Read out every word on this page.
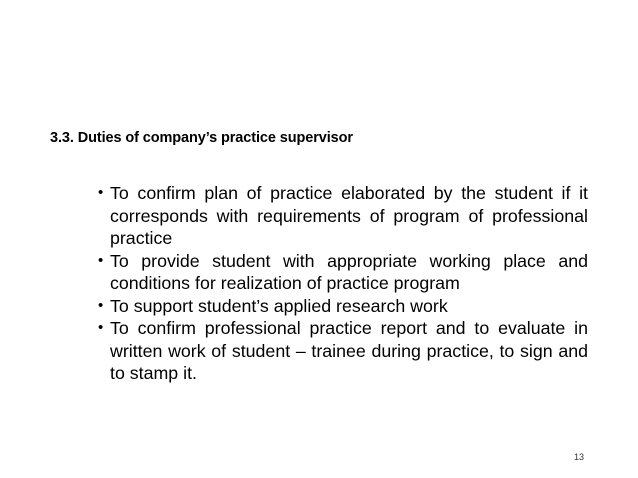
3.3. Duties of company’s practice supervisor
• To confirm plan of practice elaborated by the student if it corresponds with requirements of program of professional practice
• To provide student with appropriate working place and conditions for realization of practice program
• To support student’s applied research work
• To confirm professional practice report and to evaluate in written work of student – trainee during practice, to sign and to stamp it.
13
